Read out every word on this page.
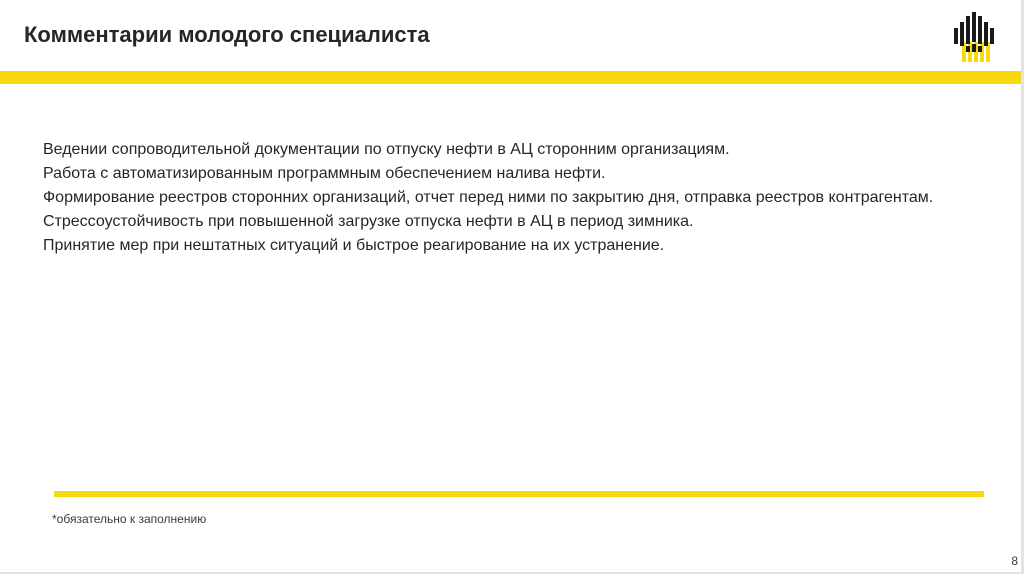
Комментарии молодого специалиста

Ведении сопроводительной документации по отпуску нефти в АЦ сторонним организациям.

Работа с автоматизированным программным обеспечением налива нефти.

Формирование реестров сторонних организаций, отчет перед ними по закрытию дня, отправка реестров контрагентам.

Стрессоустойчивость при повышенной загрузке отпуска нефти в АЦ в период зимника.

Принятие мер при нештатных ситуаций и быстрое реагирование на их устранение.

*обязательно к заполнению
8
